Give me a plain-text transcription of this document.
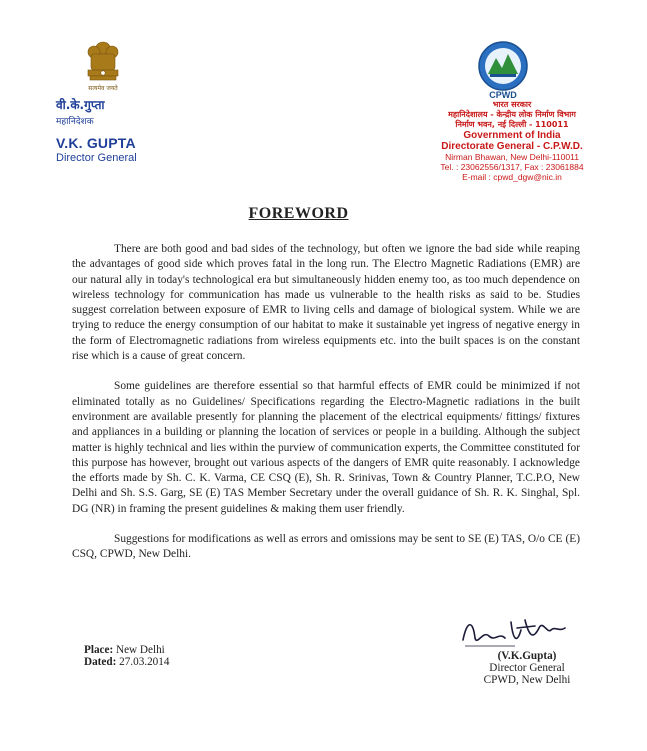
सत्यमेव जयते
वी.के.गुप्ता
महानिदेशक
V.K. GUPTA
Director General
CPWD
भारत सरकार
महानिदेशालय - केन्द्रीय लोक निर्माण विभाग
निर्माण भवन, नई दिल्ली - 110011
Government of India
Directorate General - C.P.W.D.
Nirman Bhawan, New Delhi-110011
Tel. : 23062556/1317, Fax : 23061884
E-mail : cpwd_dgw@nic.in
FOREWORD

There are both good and bad sides of the technology, but often we ignore the bad side while reaping the advantages of good side which proves fatal in the long run. The Electro Magnetic Radiations (EMR) are our natural ally in today's technological era but simultaneously hidden enemy too, as too much dependence on wireless technology for communication has made us vulnerable to the health risks as said to be. Studies suggest correlation between exposure of EMR to living cells and damage of biological system. While we are trying to reduce the energy consumption of our habitat to make it sustainable yet ingress of negative energy in the form of Electromagnetic radiations from wireless equipments etc. into the built spaces is on the constant rise which is a cause of great concern.

Some guidelines are therefore essential so that harmful effects of EMR could be minimized if not eliminated totally as no Guidelines/ Specifications regarding the Electro-Magnetic radiations in the built environment are available presently for planning the placement of the electrical equipments/ fittings/ fixtures and appliances in a building or planning the location of services or people in a building. Although the subject matter is highly technical and lies within the purview of communication experts, the Committee constituted for this purpose has however, brought out various aspects of the dangers of EMR quite reasonably. I acknowledge the efforts made by Sh. C. K. Varma, CE CSQ (E), Sh. R. Srinivas, Town & Country Planner, T.C.P.O, New Delhi and Sh. S.S. Garg, SE (E) TAS Member Secretary under the overall guidance of Sh. R. K. Singhal, Spl. DG (NR) in framing the present guidelines & making them user friendly.

Suggestions for modifications as well as errors and omissions may be sent to SE (E) TAS, O/o CE (E) CSQ, CPWD, New Delhi.

Place: New Delhi
Dated: 27.03.2014	(V.K.Gupta)
Director General
CPWD, New Delhi
